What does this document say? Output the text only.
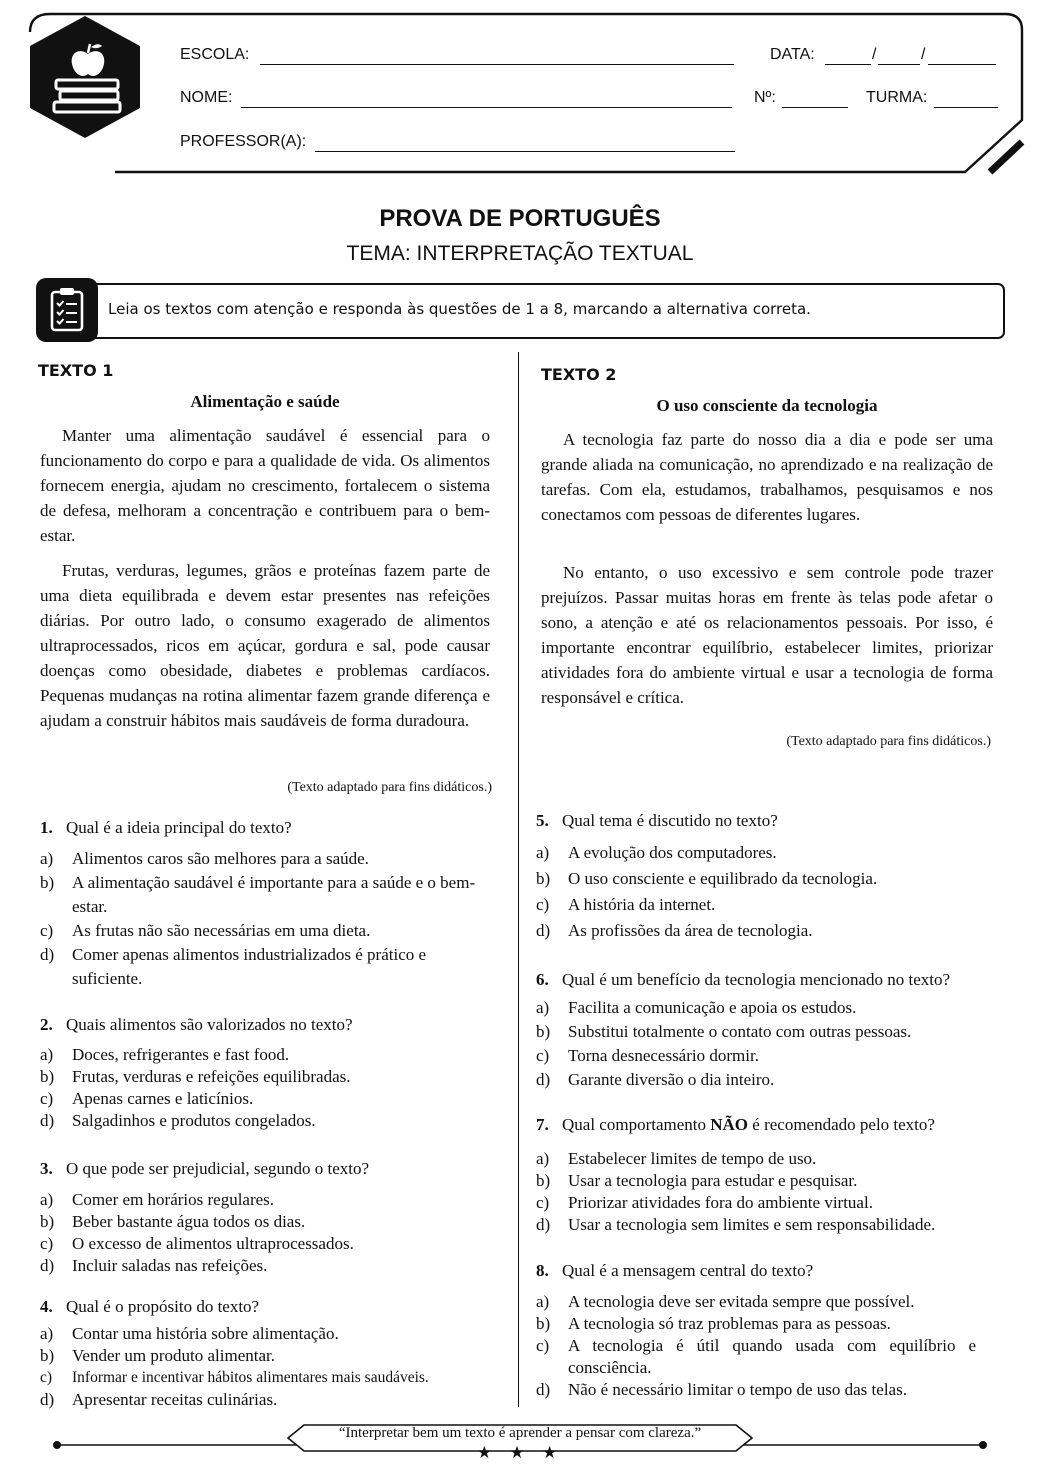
ESCOLA:	DATA:	/	/
NOME:	Nº:	TURMA:
PROFESSOR(A):
PROVA DE PORTUGUÊS
TEMA: INTERPRETAÇÃO TEXTUAL
Leia os textos com atenção e responda às questões de 1 a 8, marcando a alternativa correta.
TEXTO 1
Alimentação e saúde
Manter uma alimentação saudável é essencial para o funcionamento do corpo e para a qualidade de vida. Os alimentos fornecem energia, ajudam no crescimento, fortalecem o sistema de defesa, melhoram a concentração e contribuem para o bem-estar.
Frutas, verduras, legumes, grãos e proteínas fazem parte de uma dieta equilibrada e devem estar presentes nas refeições diárias. Por outro lado, o consumo exagerado de alimentos ultraprocessados, ricos em açúcar, gordura e sal, pode causar doenças como obesidade, diabetes e problemas cardíacos. Pequenas mudanças na rotina alimentar fazem grande diferença e ajudam a construir hábitos mais saudáveis de forma duradoura.
(Texto adaptado para fins didáticos.)
TEXTO 2
O uso consciente da tecnologia
A tecnologia faz parte do nosso dia a dia e pode ser uma grande aliada na comunicação, no aprendizado e na realização de tarefas. Com ela, estudamos, trabalhamos, pesquisamos e nos conectamos com pessoas de diferentes lugares.
No entanto, o uso excessivo e sem controle pode trazer prejuízos. Passar muitas horas em frente às telas pode afetar o sono, a atenção e até os relacionamentos pessoais. Por isso, é importante encontrar equilíbrio, estabelecer limites, priorizar atividades fora do ambiente virtual e usar a tecnologia de forma responsável e crítica.
(Texto adaptado para fins didáticos.)
1. Qual é a ideia principal do texto?
a) Alimentos caros são melhores para a saúde.
b) A alimentação saudável é importante para a saúde e o bem-estar.
c) As frutas não são necessárias em uma dieta.
d) Comer apenas alimentos industrializados é prático e suficiente.
2. Quais alimentos são valorizados no texto?
a) Doces, refrigerantes e fast food.
b) Frutas, verduras e refeições equilibradas.
c) Apenas carnes e laticínios.
d) Salgadinhos e produtos congelados.
3. O que pode ser prejudicial, segundo o texto?
a) Comer em horários regulares.
b) Beber bastante água todos os dias.
c) O excesso de alimentos ultraprocessados.
d) Incluir saladas nas refeições.
4. Qual é o propósito do texto?
a) Contar uma história sobre alimentação.
b) Vender um produto alimentar.
c) Informar e incentivar hábitos alimentares mais saudáveis.
d) Apresentar receitas culinárias.
5. Qual tema é discutido no texto?
a) A evolução dos computadores.
b) O uso consciente e equilibrado da tecnologia.
c) A história da internet.
d) As profissões da área de tecnologia.
6. Qual é um benefício da tecnologia mencionado no texto?
a) Facilita a comunicação e apoia os estudos.
b) Substitui totalmente o contato com outras pessoas.
c) Torna desnecessário dormir.
d) Garante diversão o dia inteiro.
7. Qual comportamento NÃO é recomendado pelo texto?
a) Estabelecer limites de tempo de uso.
b) Usar a tecnologia para estudar e pesquisar.
c) Priorizar atividades fora do ambiente virtual.
d) Usar a tecnologia sem limites e sem responsabilidade.
8. Qual é a mensagem central do texto?
a) A tecnologia deve ser evitada sempre que possível.
b) A tecnologia só traz problemas para as pessoas.
c) A tecnologia é útil quando usada com equilíbrio e consciência.
d) Não é necessário limitar o tempo de uso das telas.
“Interpretar bem um texto é aprender a pensar com clareza.”
★ ★ ★
